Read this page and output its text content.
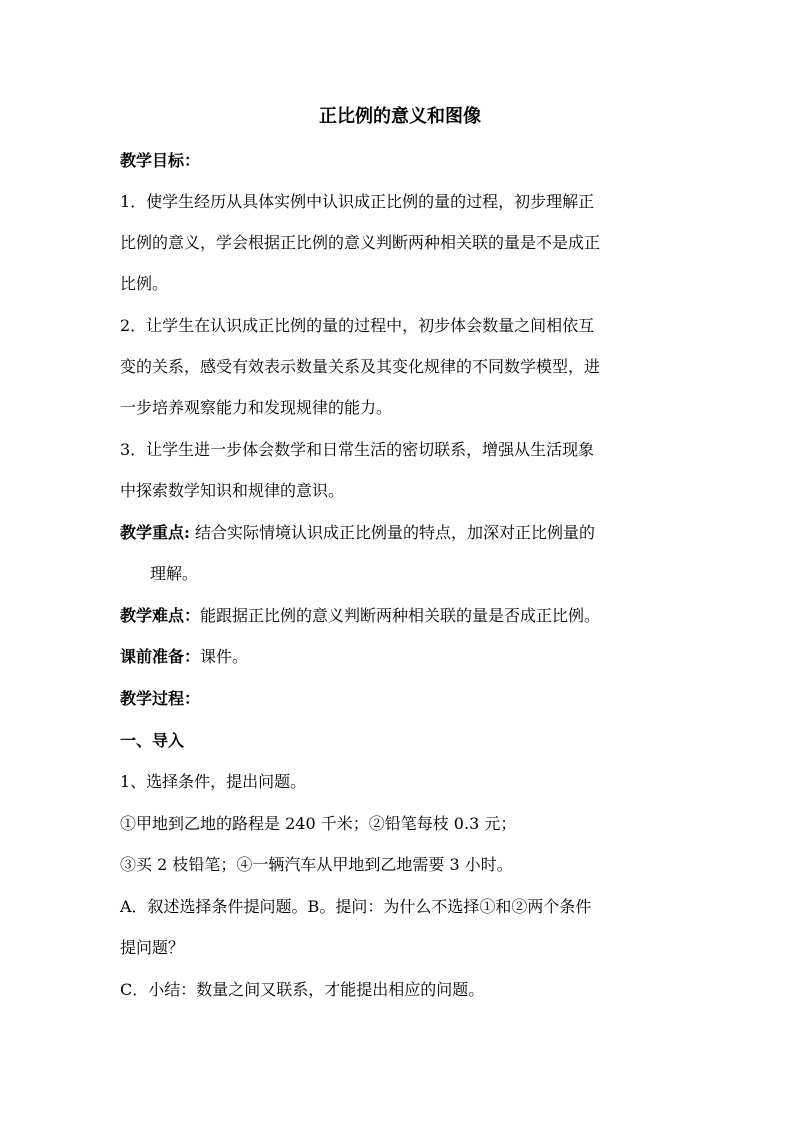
正比例的意义和图像
教学目标：
1．使学生经历从具体实例中认识成正比例的量的过程，初步理解正
比例的意义，学会根据正比例的意义判断两种相关联的量是不是成正
比例。
2．让学生在认识成正比例的量的过程中，初步体会数量之间相依互
变的关系，感受有效表示数量关系及其变化规律的不同数学模型，进
一步培养观察能力和发现规律的能力。
3．让学生进一步体会数学和日常生活的密切联系，增强从生活现象
中探索数学知识和规律的意识。
教学重点: 结合实际情境认识成正比例量的特点，加深对正比例量的
理解。
教学难点：能跟据正比例的意义判断两种相关联的量是否成正比例。
课前准备：课件。
教学过程：
一、导入
1、选择条件，提出问题。
①甲地到乙地的路程是 240 千米；②铅笔每枝 0.3 元；
③买 2 枝铅笔；④一辆汽车从甲地到乙地需要 3 小时。
A．叙述选择条件提问题。B。提问：为什么不选择①和②两个条件
提问题？
C．小结：数量之间又联系，才能提出相应的问题。
